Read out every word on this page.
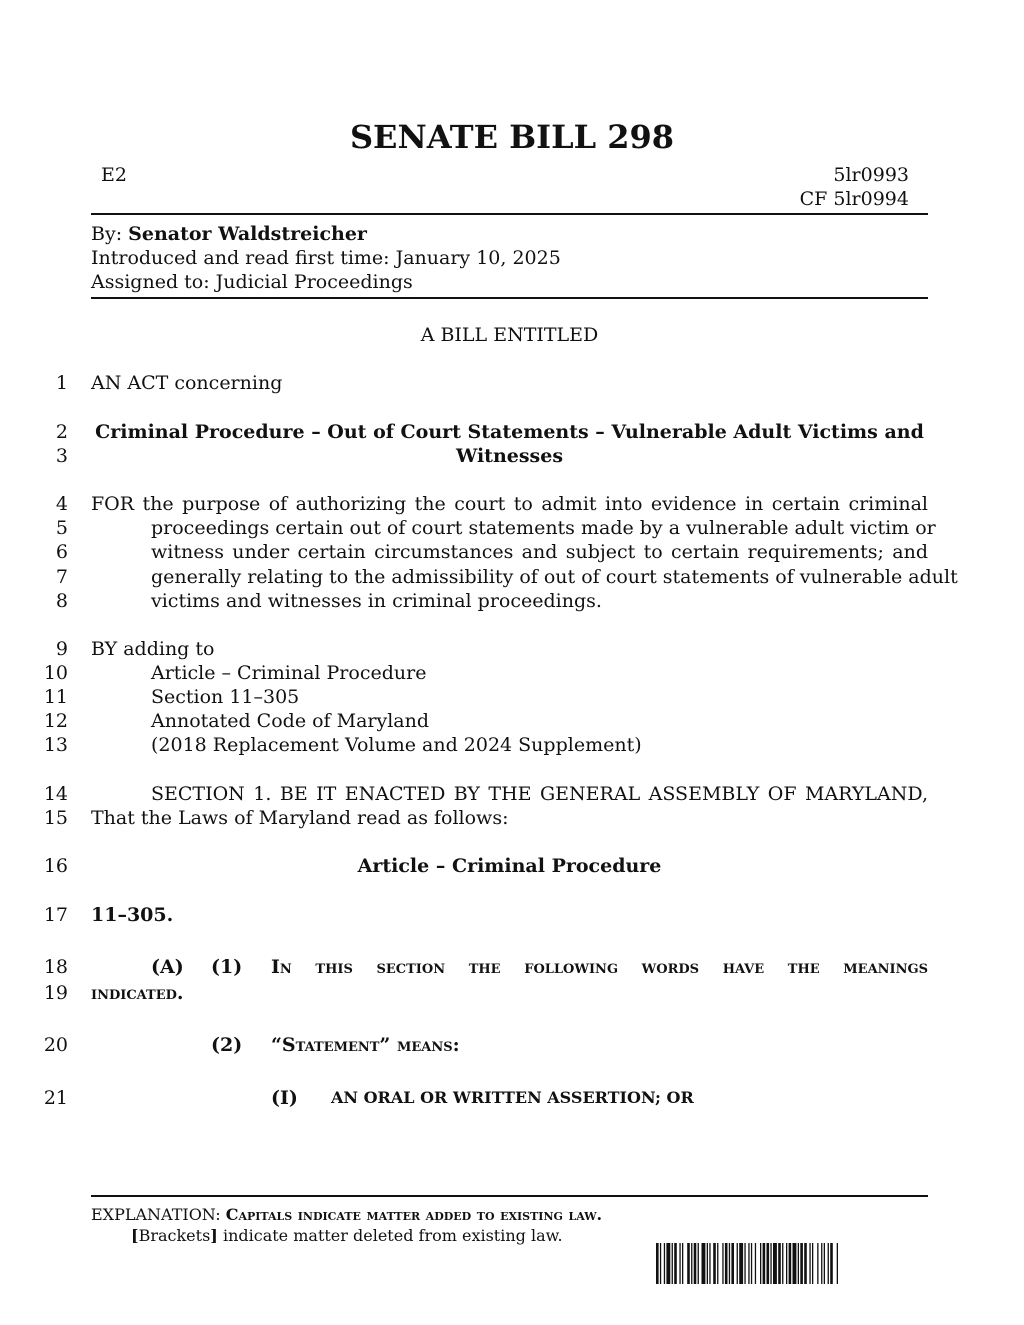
SENATE BILL 298
E2	5lr0993
CF 5lr0994
By: Senator Waldstreicher
Introduced and read first time: January 10, 2025
Assigned to: Judicial Proceedings
A BILL ENTITLED
1
2
3
4
5
6
7
8
9
10
11
12
13
14
15
16
17
18
19
20
21
AN ACT concerning
Criminal Procedure – Out of Court Statements – Vulnerable Adult Victims and
Witnesses
FOR the purpose of authorizing the court to admit into evidence in certain criminal
proceedings certain out of court statements made by a vulnerable adult victim or
witness under certain circumstances and subject to certain requirements; and
generally relating to the admissibility of out of court statements of vulnerable adult
victims and witnesses in criminal proceedings.
BY adding to
Article – Criminal Procedure
Section 11–305
Annotated Code of Maryland
(2018 Replacement Volume and 2024 Supplement)
SECTION 1. BE IT ENACTED BY THE GENERAL ASSEMBLY OF MARYLAND,
That the Laws of Maryland read as follows:
Article – Criminal Procedure
11–305.
(A) (1) In this section the following words have the meanings
indicated.
(2) “Statement” means:
(I) AN ORAL OR WRITTEN ASSERTION; OR
EXPLANATION: Capitals indicate matter added to existing law.
[Brackets] indicate matter deleted from existing law.
